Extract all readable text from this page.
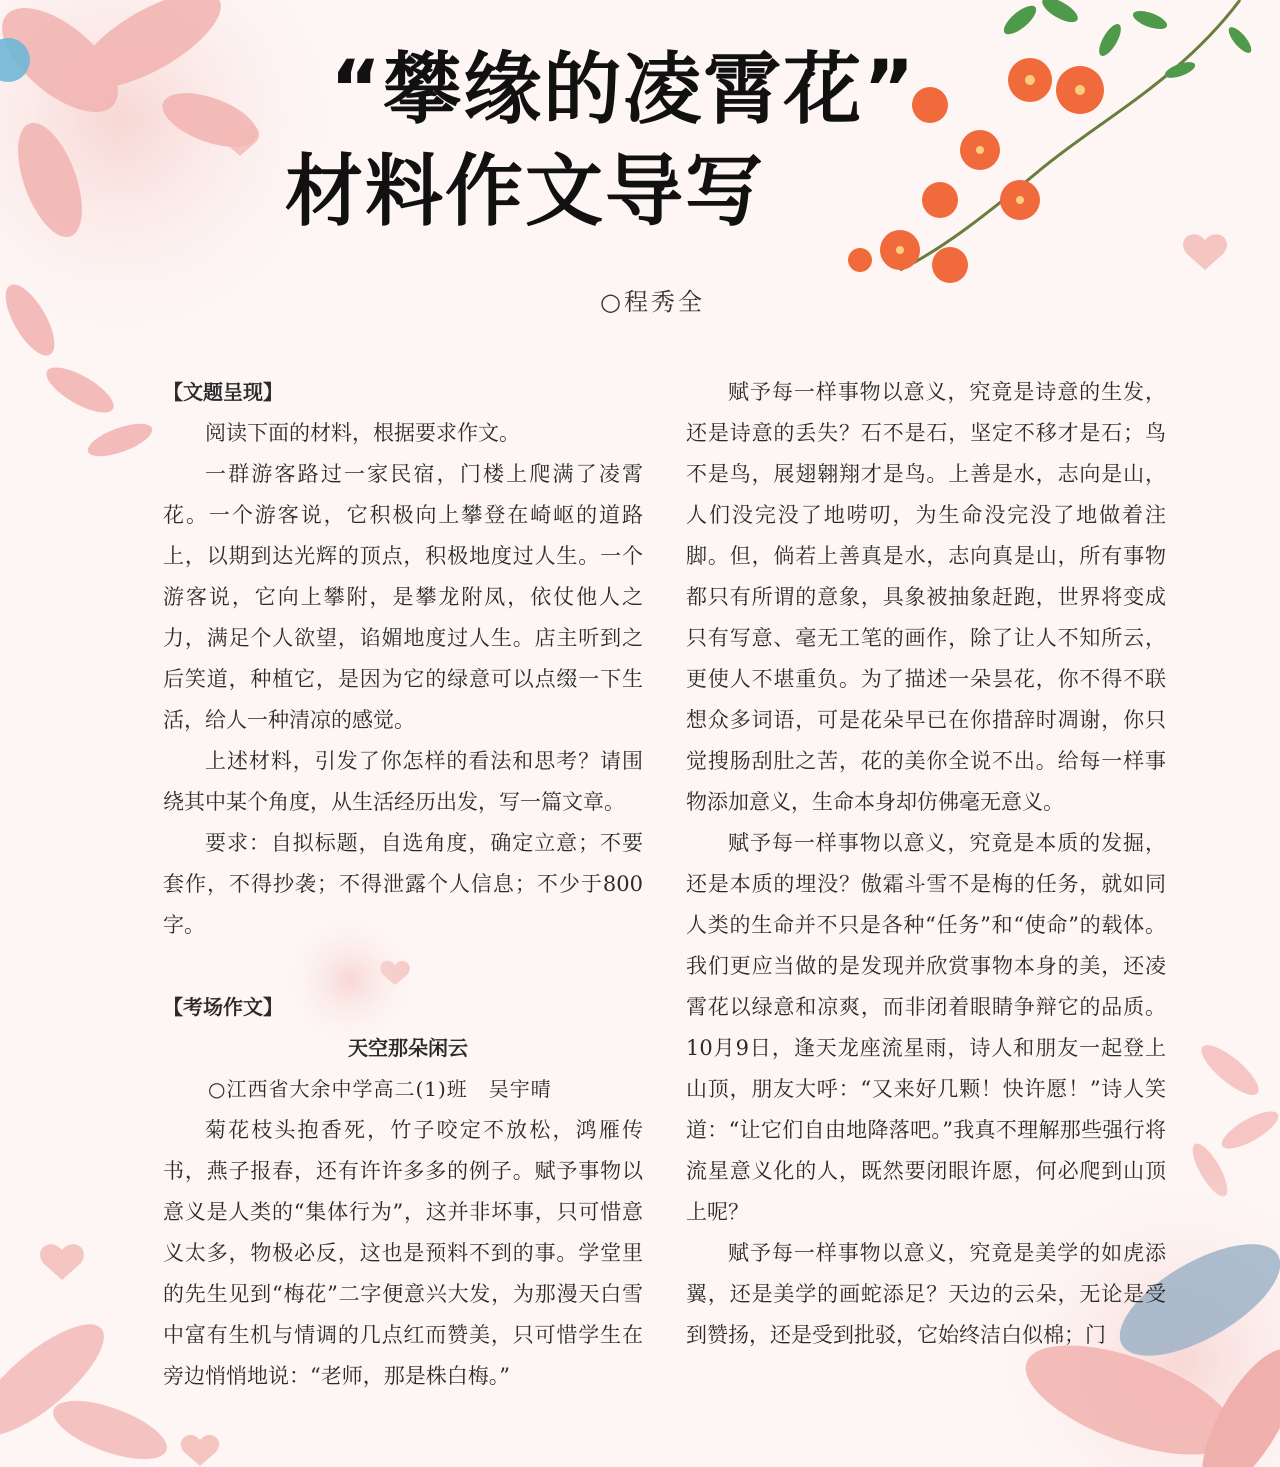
“攀缘的凌霄花”
材料作文导写
○程秀全

【文题呈现】

阅读下面的材料，根据要求作文。

一群游客路过一家民宿，门楼上爬满了凌霄花。一个游客说，它积极向上攀登在崎岖的道路上，以期到达光辉的顶点，积极地度过人生。一个游客说，它向上攀附，是攀龙附凤，依仗他人之力，满足个人欲望，谄媚地度过人生。店主听到之后笑道，种植它，是因为它的绿意可以点缀一下生活，给人一种清凉的感觉。

上述材料，引发了你怎样的看法和思考？请围绕其中某个角度，从生活经历出发，写一篇文章。

要求：自拟标题，自选角度，确定立意；不要套作，不得抄袭；不得泄露个人信息；不少于800字。

【考场作文】

天空那朵闲云

○江西省大余中学高二(1)班　吴宇晴

菊花枝头抱香死，竹子咬定不放松，鸿雁传书，燕子报春，还有许许多多的例子。赋予事物以意义是人类的“集体行为”，这并非坏事，只可惜意义太多，物极必反，这也是预料不到的事。学堂里的先生见到“梅花”二字便意兴大发，为那漫天白雪中富有生机与情调的几点红而赞美，只可惜学生在旁边悄悄地说：“老师，那是株白梅。”

赋予每一样事物以意义，究竟是诗意的生发，还是诗意的丢失？石不是石，坚定不移才是石；鸟不是鸟，展翅翱翔才是鸟。上善是水，志向是山，人们没完没了地唠叨，为生命没完没了地做着注脚。但，倘若上善真是水，志向真是山，所有事物都只有所谓的意象，具象被抽象赶跑，世界将变成只有写意、毫无工笔的画作，除了让人不知所云，更使人不堪重负。为了描述一朵昙花，你不得不联想众多词语，可是花朵早已在你措辞时凋谢，你只觉搜肠刮肚之苦，花的美你全说不出。给每一样事物添加意义，生命本身却仿佛毫无意义。

赋予每一样事物以意义，究竟是本质的发掘，还是本质的埋没？傲霜斗雪不是梅的任务，就如同人类的生命并不只是各种“任务”和“使命”的载体。我们更应当做的是发现并欣赏事物本身的美，还凌霄花以绿意和凉爽，而非闭着眼睛争辩它的品质。10月9日，逢天龙座流星雨，诗人和朋友一起登上山顶，朋友大呼：“又来好几颗！快许愿！”诗人笑道：“让它们自由地降落吧。”我真不理解那些强行将流星意义化的人，既然要闭眼许愿，何必爬到山顶上呢？

赋予每一样事物以意义，究竟是美学的如虎添翼，还是美学的画蛇添足？天边的云朵，无论是受到赞扬，还是受到批驳，它始终洁白似棉；门
